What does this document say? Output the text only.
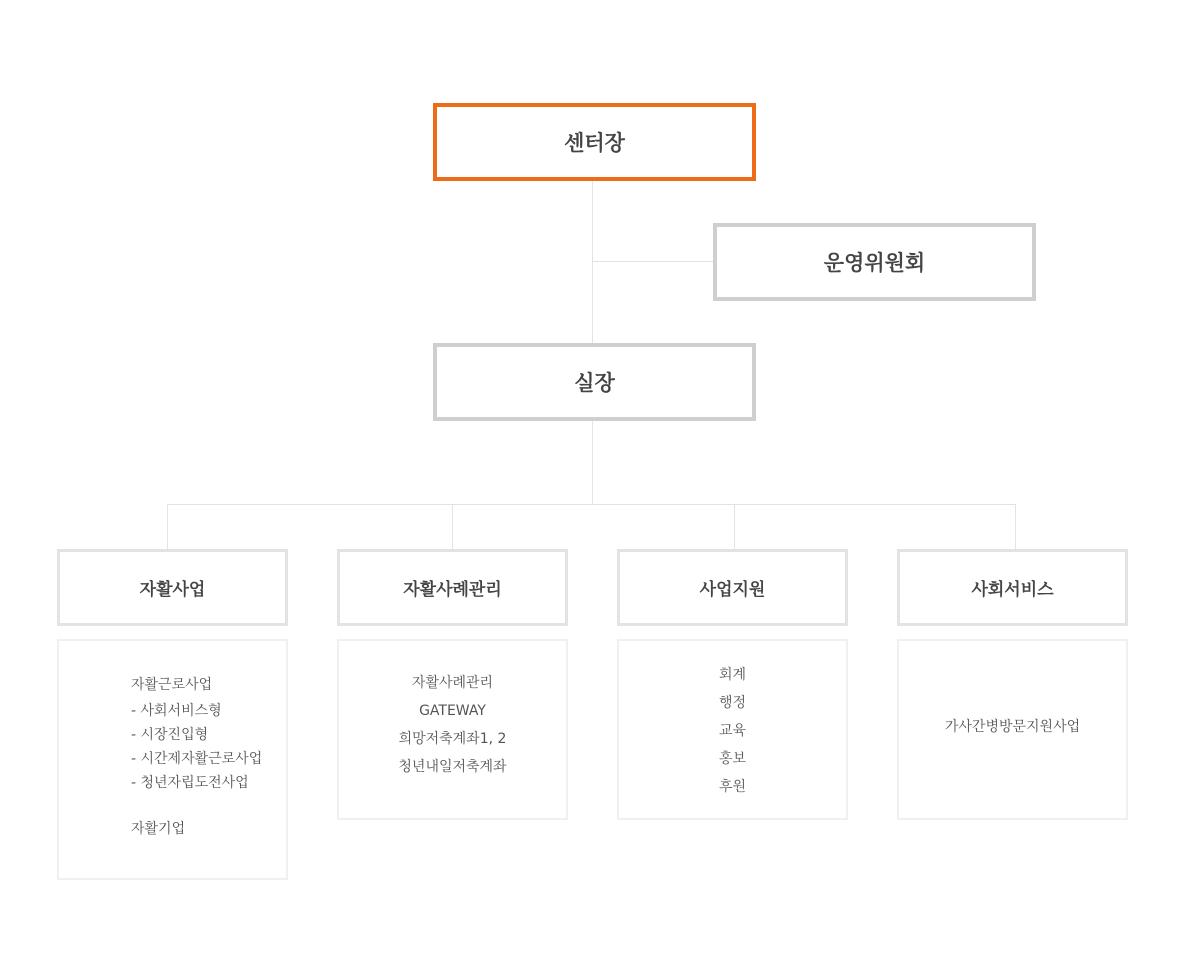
센터장
운영위원회
실장
자활사업	자활사례관리	사업지원	사회서비스
자활근로사업
- 사회서비스형
- 시장진입형
- 시간제자활근로사업
- 청년자립도전사업
자활기업
자활사례관리
GATEWAY
희망저축계좌1, 2
청년내일저축계좌
회계
행정
교육
홍보
후원
가사간병방문지원사업
